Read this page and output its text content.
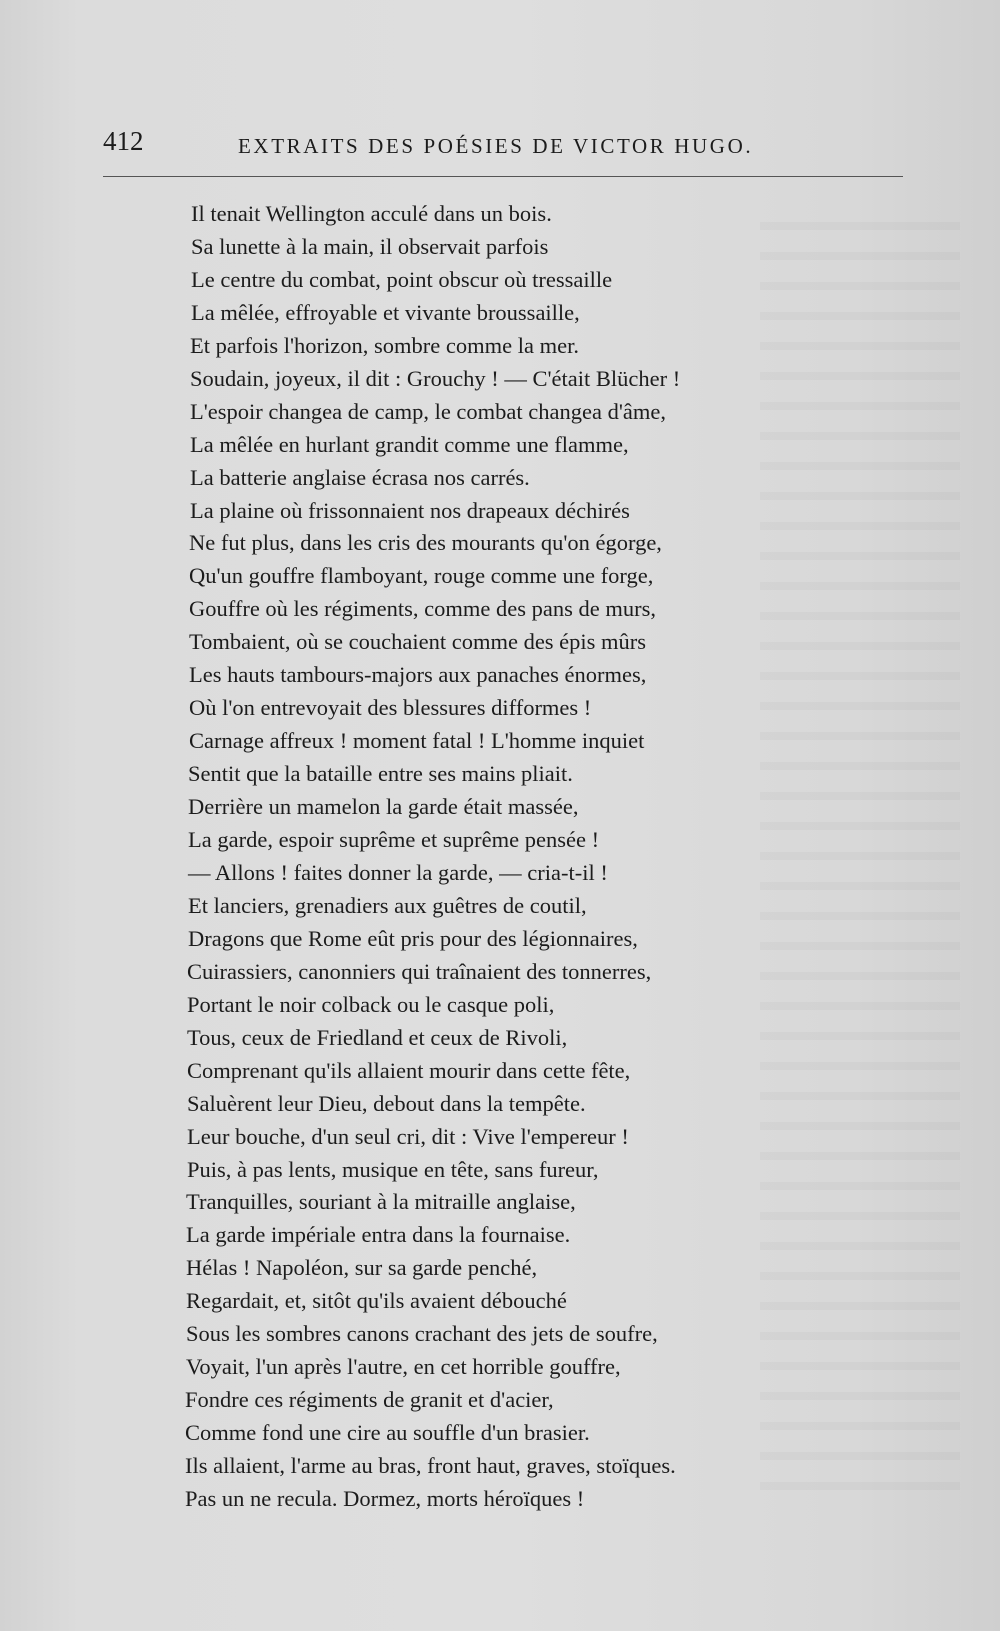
412	EXTRAITS DES POÉSIES DE VICTOR HUGO.
Il tenait Wellington acculé dans un bois.
Sa lunette à la main, il observait parfois
Le centre du combat, point obscur où tressaille
La mêlée, effroyable et vivante broussaille,
Et parfois l'horizon, sombre comme la mer.
Soudain, joyeux, il dit : Grouchy ! — C'était Blücher !
L'espoir changea de camp, le combat changea d'âme,
La mêlée en hurlant grandit comme une flamme,
La batterie anglaise écrasa nos carrés.
La plaine où frissonnaient nos drapeaux déchirés
Ne fut plus, dans les cris des mourants qu'on égorge,
Qu'un gouffre flamboyant, rouge comme une forge,
Gouffre où les régiments, comme des pans de murs,
Tombaient, où se couchaient comme des épis mûrs
Les hauts tambours-majors aux panaches énormes,
Où l'on entrevoyait des blessures difformes !
Carnage affreux ! moment fatal ! L'homme inquiet
Sentit que la bataille entre ses mains pliait.
Derrière un mamelon la garde était massée,
La garde, espoir suprême et suprême pensée !
— Allons ! faites donner la garde, — cria-t-il !
Et lanciers, grenadiers aux guêtres de coutil,
Dragons que Rome eût pris pour des légionnaires,
Cuirassiers, canonniers qui traînaient des tonnerres,
Portant le noir colback ou le casque poli,
Tous, ceux de Friedland et ceux de Rivoli,
Comprenant qu'ils allaient mourir dans cette fête,
Saluèrent leur Dieu, debout dans la tempête.
Leur bouche, d'un seul cri, dit : Vive l'empereur !
Puis, à pas lents, musique en tête, sans fureur,
Tranquilles, souriant à la mitraille anglaise,
La garde impériale entra dans la fournaise.
Hélas ! Napoléon, sur sa garde penché,
Regardait, et, sitôt qu'ils avaient débouché
Sous les sombres canons crachant des jets de soufre,
Voyait, l'un après l'autre, en cet horrible gouffre,
Fondre ces régiments de granit et d'acier,
Comme fond une cire au souffle d'un brasier.
Ils allaient, l'arme au bras, front haut, graves, stoïques.
Pas un ne recula. Dormez, morts héroïques !
